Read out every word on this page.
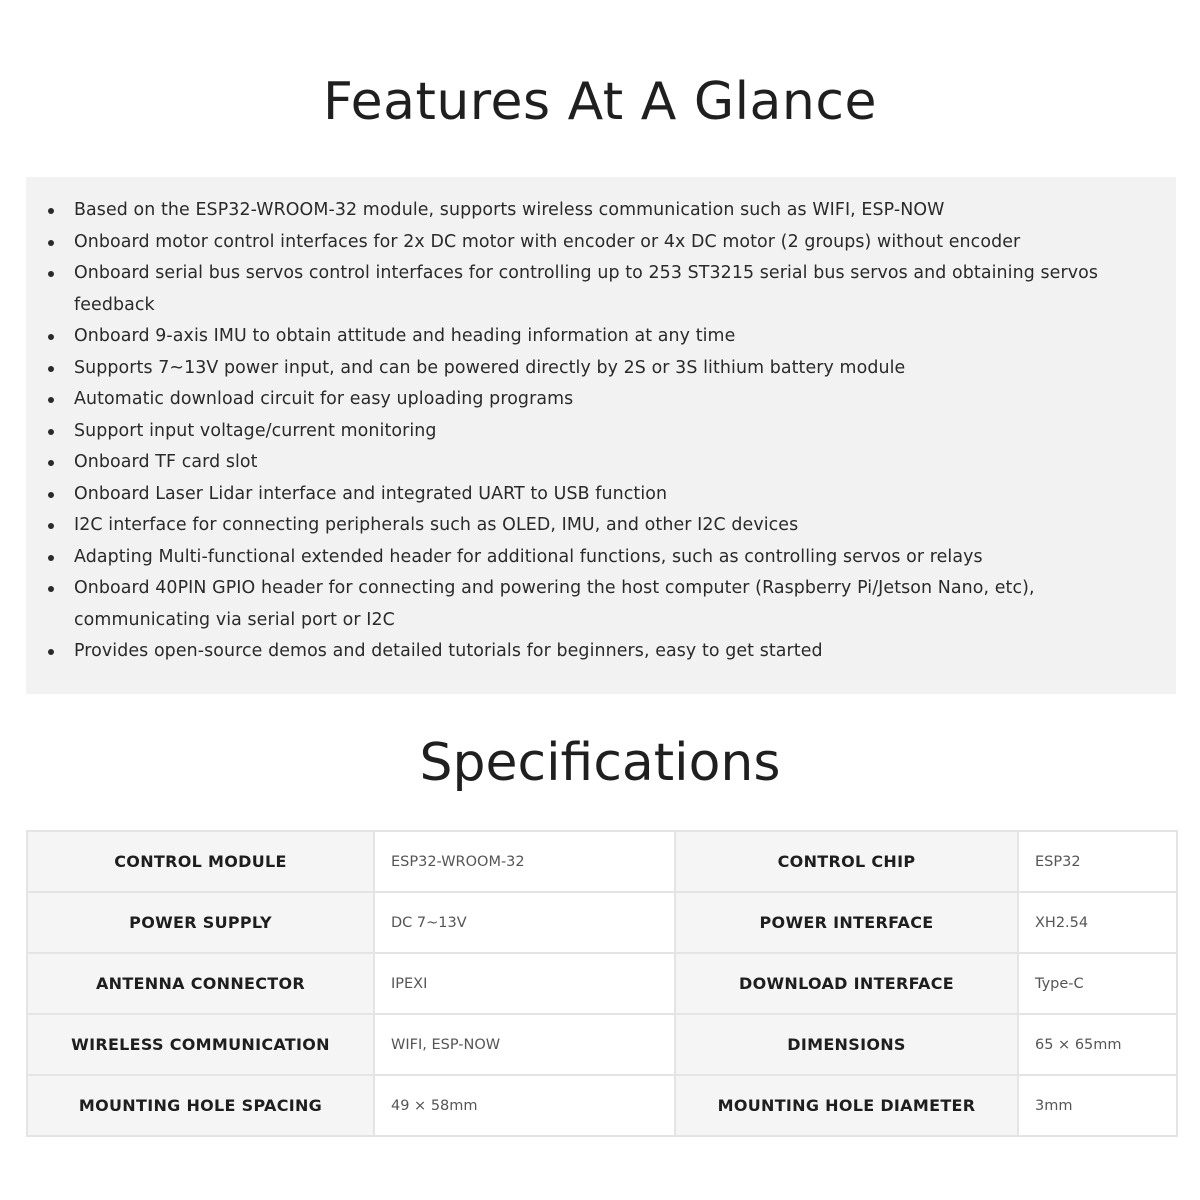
Features At A Glance
Based on the ESP32-WROOM-32 module, supports wireless communication such as WIFI, ESP-NOW
Onboard motor control interfaces for 2x DC motor with encoder or 4x DC motor (2 groups) without encoder
Onboard serial bus servos control interfaces for controlling up to 253 ST3215 serial bus servos and obtaining servos feedback
Onboard 9-axis IMU to obtain attitude and heading information at any time
Supports 7~13V power input, and can be powered directly by 2S or 3S lithium battery module
Automatic download circuit for easy uploading programs
Support input voltage/current monitoring
Onboard TF card slot
Onboard Laser Lidar interface and integrated UART to USB function
I2C interface for connecting peripherals such as OLED, IMU, and other I2C devices
Adapting Multi-functional extended header for additional functions, such as controlling servos or relays
Onboard 40PIN GPIO header for connecting and powering the host computer (Raspberry Pi/Jetson Nano, etc), communicating via serial port or I2C
Provides open-source demos and detailed tutorials for beginners, easy to get started
Specifications
CONTROL MODULE	ESP32-WROOM-32	CONTROL CHIP	ESP32
POWER SUPPLY	DC 7~13V	POWER INTERFACE	XH2.54
ANTENNA CONNECTOR	IPEXI	DOWNLOAD INTERFACE	Type-C
WIRELESS COMMUNICATION	WIFI, ESP-NOW	DIMENSIONS	65 × 65mm
MOUNTING HOLE SPACING	49 × 58mm	MOUNTING HOLE DIAMETER	3mm
